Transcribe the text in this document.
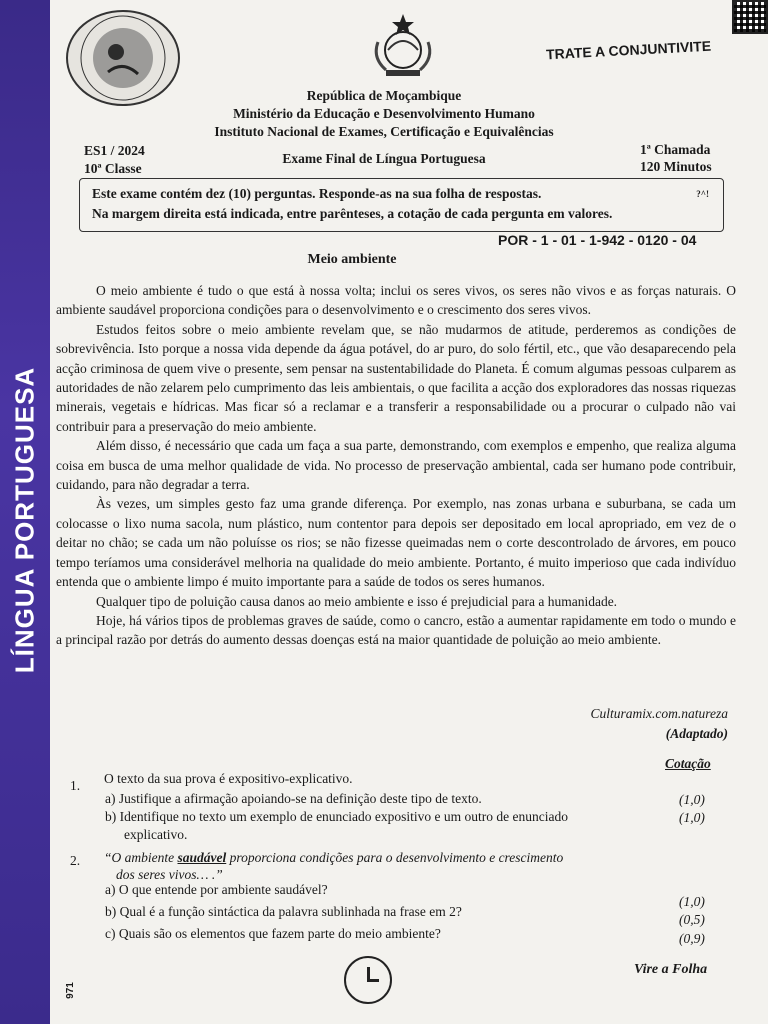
LÍNGUA PORTUGUESA
971
TRATE A CONJUNTIVITE
República de Moçambique
Ministério da Educação e Desenvolvimento Humano
Instituto Nacional de Exames, Certificação e Equivalências
ES1 / 2024
10ª Classe
Exame Final de Língua Portuguesa
1ª Chamada
120 Minutos
Este exame contém dez (10) perguntas. Responde-as na sua folha de respostas.
Na margem direita está indicada, entre parênteses, a cotação de cada pergunta em valores.
?^!
POR - 1 - 01 - 1-942 - 0120 - 04
Meio ambiente

O meio ambiente é tudo o que está à nossa volta; inclui os seres vivos, os seres não vivos e as forças naturais. O ambiente saudável proporciona condições para o desenvolvimento e o crescimento dos seres vivos.

Estudos feitos sobre o meio ambiente revelam que, se não mudarmos de atitude, perderemos as condições de sobrevivência. Isto porque a nossa vida depende da água potável, do ar puro, do solo fértil, etc., que vão desaparecendo pela acção criminosa de quem vive o presente, sem pensar na sustentabilidade do Planeta. É comum algumas pessoas culparem as autoridades de não zelarem pelo cumprimento das leis ambientais, o que facilita a acção dos exploradores das nossas riquezas minerais, vegetais e hídricas. Mas ficar só a reclamar e a transferir a responsabilidade ou a procurar o culpado não vai contribuir para a preservação do meio ambiente.

Além disso, é necessário que cada um faça a sua parte, demonstrando, com exemplos e empenho, que realiza alguma coisa em busca de uma melhor qualidade de vida. No processo de preservação ambiental, cada ser humano pode contribuir, cuidando, para não degradar a terra.

Às vezes, um simples gesto faz uma grande diferença. Por exemplo, nas zonas urbana e suburbana, se cada um colocasse o lixo numa sacola, num plástico, num contentor para depois ser depositado em local apropriado, em vez de o deitar no chão; se cada um não poluísse os rios; se não fizesse queimadas nem o corte descontrolado de árvores, em pouco tempo teríamos uma considerável melhoria na qualidade do meio ambiente. Portanto, é muito imperioso que cada indivíduo entenda que o ambiente limpo é muito importante para a saúde de todos os seres humanos.

Qualquer tipo de poluição causa danos ao meio ambiente e isso é prejudicial para a humanidade.

Hoje, há vários tipos de problemas graves de saúde, como o cancro, estão a aumentar rapidamente em todo o mundo e a principal razão por detrás do aumento dessas doenças está na maior quantidade de poluição ao meio ambiente.

Culturamix.com.natureza
(Adaptado)
Cotação
1. O texto da sua prova é expositivo-explicativo.
a) Justifique a afirmação apoiando-se na definição deste tipo de texto.	(1,0)
b) Identifique no texto um exemplo de enunciado expositivo e um outro de enunciado
explicativo.
(1,0)
2. “O ambiente saudável proporciona condições para o desenvolvimento e crescimento
dos seres vivos… .”
a) O que entende por ambiente saudável?
b) Qual é a função sintáctica da palavra sublinhada na frase em 2?
c) Quais são os elementos que fazem parte do meio ambiente?
(1,0)
(0,5)
(0,9)
Vire a Folha
